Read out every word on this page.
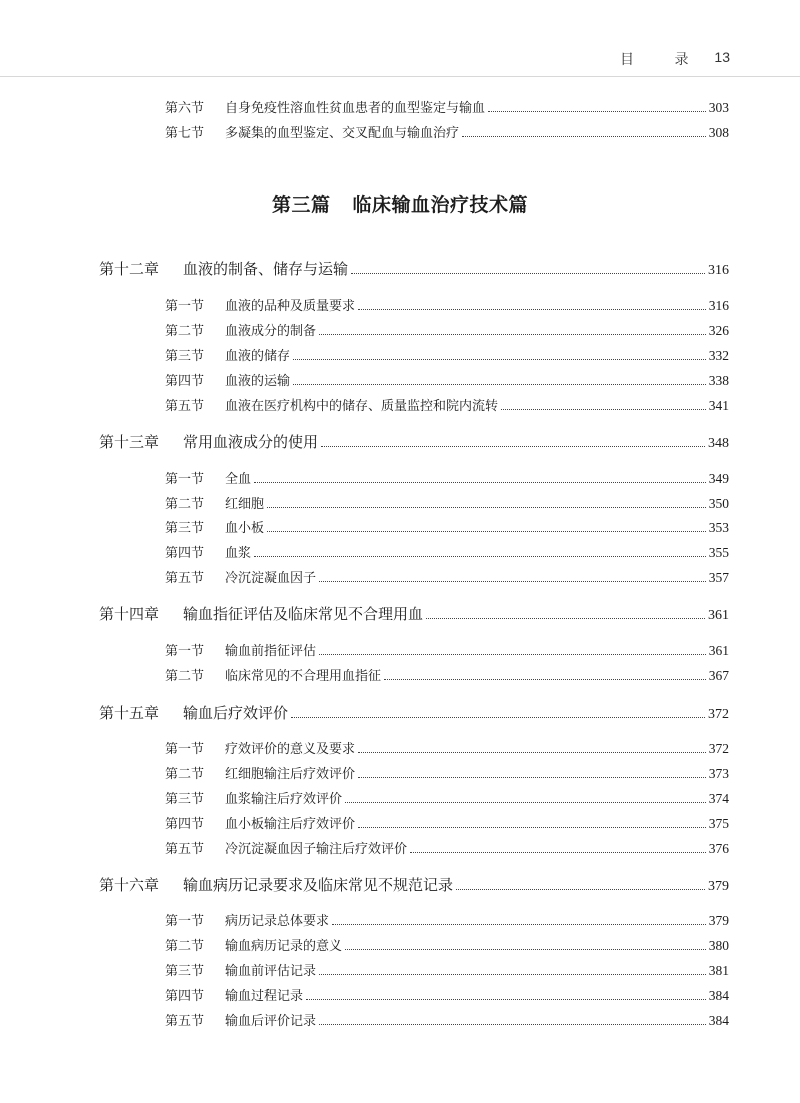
目 录 13
第六节	自身免疫性溶血性贫血患者的血型鉴定与输血	303
第七节	多凝集的血型鉴定、交叉配血与输血治疗	308
第三篇 临床输血治疗技术篇
第十二章	血液的制备、储存与运输	316
第一节	血液的品种及质量要求	316
第二节	血液成分的制备	326
第三节	血液的储存	332
第四节	血液的运输	338
第五节	血液在医疗机构中的储存、质量监控和院内流转	341
第十三章	常用血液成分的使用	348
第一节	全血	349
第二节	红细胞	350
第三节	血小板	353
第四节	血浆	355
第五节	冷沉淀凝血因子	357
第十四章	输血指征评估及临床常见不合理用血	361
第一节	输血前指征评估	361
第二节	临床常见的不合理用血指征	367
第十五章	输血后疗效评价	372
第一节	疗效评价的意义及要求	372
第二节	红细胞输注后疗效评价	373
第三节	血浆输注后疗效评价	374
第四节	血小板输注后疗效评价	375
第五节	冷沉淀凝血因子输注后疗效评价	376
第十六章	输血病历记录要求及临床常见不规范记录	379
第一节	病历记录总体要求	379
第二节	输血病历记录的意义	380
第三节	输血前评估记录	381
第四节	输血过程记录	384
第五节	输血后评价记录	384
